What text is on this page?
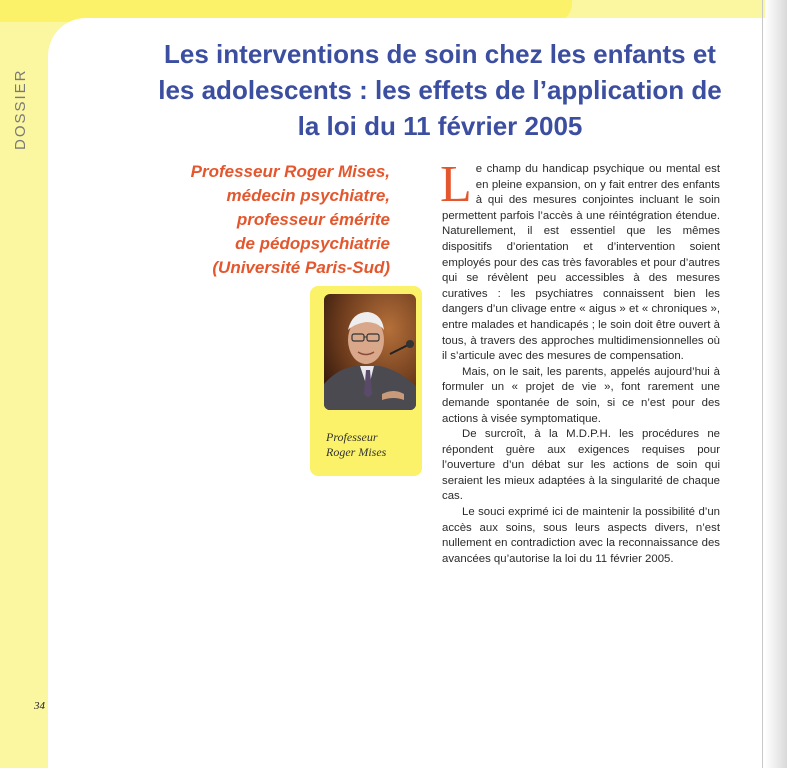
DOSSIER
Les interventions de soin chez les enfants et les adolescents : les effets de l’application de la loi du 11 février 2005
Professeur Roger Mises,
médecin psychiatre,
professeur émérite
de pédopsychiatrie
(Université Paris-Sud)
Professeur
Roger Mises

Le champ du handicap psychique ou mental est en pleine expansion, on y fait entrer des enfants à qui des mesures conjointes incluant le soin permettent parfois l’accès à une réintégration étendue. Naturellement, il est essentiel que les mêmes dispositifs d’orientation et d’intervention soient employés pour des cas très favorables et pour d’autres qui se révèlent peu accessibles à des mesures curatives : les psychiatres connaissent bien les dangers d’un clivage entre « aigus » et « chroniques », entre malades et handicapés ; le soin doit être ouvert à tous, à travers des approches multidimensionnelles où il s’articule avec des mesures de compensation.

Mais, on le sait, les parents, appelés aujourd’hui à formuler un « projet de vie », font rarement une demande spontanée de soin, si ce n’est pour des actions à visée symptomatique.

De surcroît, à la M.D.P.H. les procédures ne répondent guère aux exigences requises pour l’ouverture d’un débat sur les actions de soin qui seraient les mieux adaptées à la singularité de chaque cas.

Le souci exprimé ici de maintenir la possibilité d’un accès aux soins, sous leurs aspects divers, n’est nullement en contradiction avec la reconnaissance des avancées qu’autorise la loi du 11 février 2005.

34
